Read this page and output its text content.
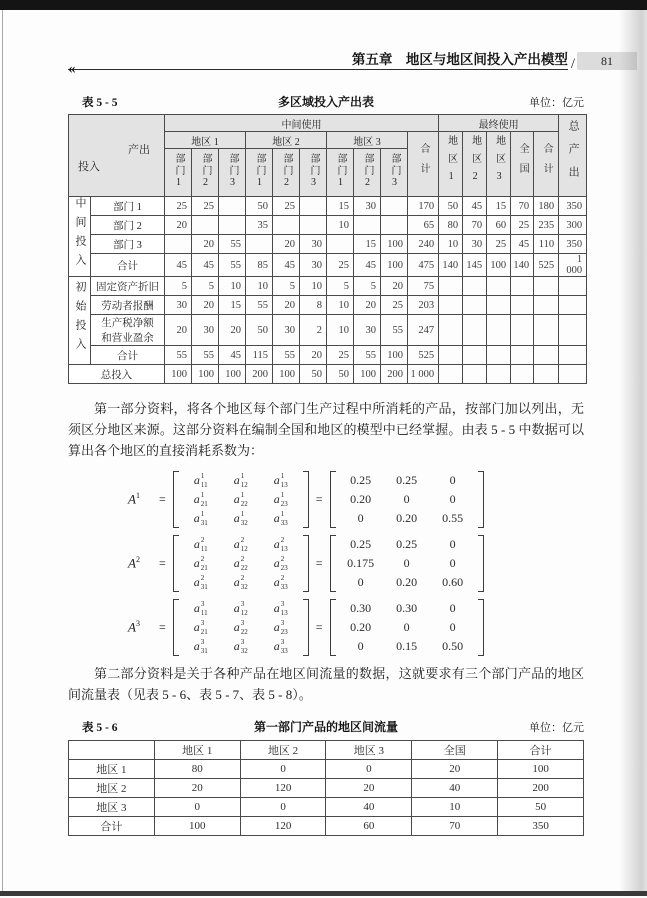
«
第五章　地区与地区间投入产出模型 /	81
表 5 - 5	多区域投入产出表	单位：亿元
产出
投入		中间使用										最终使用					总产出
		地区 1			地区 2			地区 3			合计	地区1	地区2	地区3	全国	合计	
		部门1	部门2	部门3	部门1	部门2	部门3	部门1	部门2	部门3							
中间投入	部门 1	25	25		50	25		15	30		170	50	45	15	70	180	350
	部门 2	20			35			10			65	80	70	60	25	235	300
	部门 3		20	55		20	30		15	100	240	10	30	25	45	110	350
	合计	45	45	55	85	45	30	25	45	100	475	140	145	100	140	525	1 000
初始投入	固定资产折旧	5	5	10	10	5	10	5	5	20	75						
	劳动者报酬	30	20	15	55	20	8	10	20	25	203						
	生产税净额
和营业盈余	20	30	20	50	30	2	10	30	55	247						
	合计	55	55	45	115	55	20	25	55	100	525						
总投入		100	100	100	200	100	50	50	100	200	1 000						

第一部分资料，将各个地区每个部门生产过程中所消耗的产品，按部门加以列出，无须区分地区来源。这部分资料在编制全国和地区的模型中已经掌握。由表 5 - 5 中数据可以算出各个地区的直接消耗系数为：

$A^1$	=
a 1
11 a 1
12 a 1
13
a 1
21 a 1
22 a 1
23
a 1
31 a 1
32 a 1
33
=
0.25	0.25	0
0.20	0	0
0	0.20	0.55
$A^2$	=
a 2
11 a 2
12 a 2
13
a 2
21 a 2
22 a 2
23
a 2
31 a 2
32 a 2
33
=
0.25	0.25	0
0.175	0	0
0	0.20	0.60
$A^3$	=
a 3
11 a 3
12 a 3
13
a 3
21 a 3
22 a 3
23
a 3
31 a 3
32 a 3
33
=
0.30	0.30	0
0.20	0	0
0	0.15	0.50

第二部分资料是关于各种产品在地区间流量的数据，这就要求有三个部门产品的地区间流量表（见表 5 - 6、表 5 - 7、表 5 - 8）。

表 5 - 6	第一部门产品的地区间流量	单位：亿元
	地区 1	地区 2	地区 3	全国	合计
地区 1	80	0	0	20	100
地区 2	20	120	20	40	200
地区 3	0	0	40	10	50
合计	100	120	60	70	350
